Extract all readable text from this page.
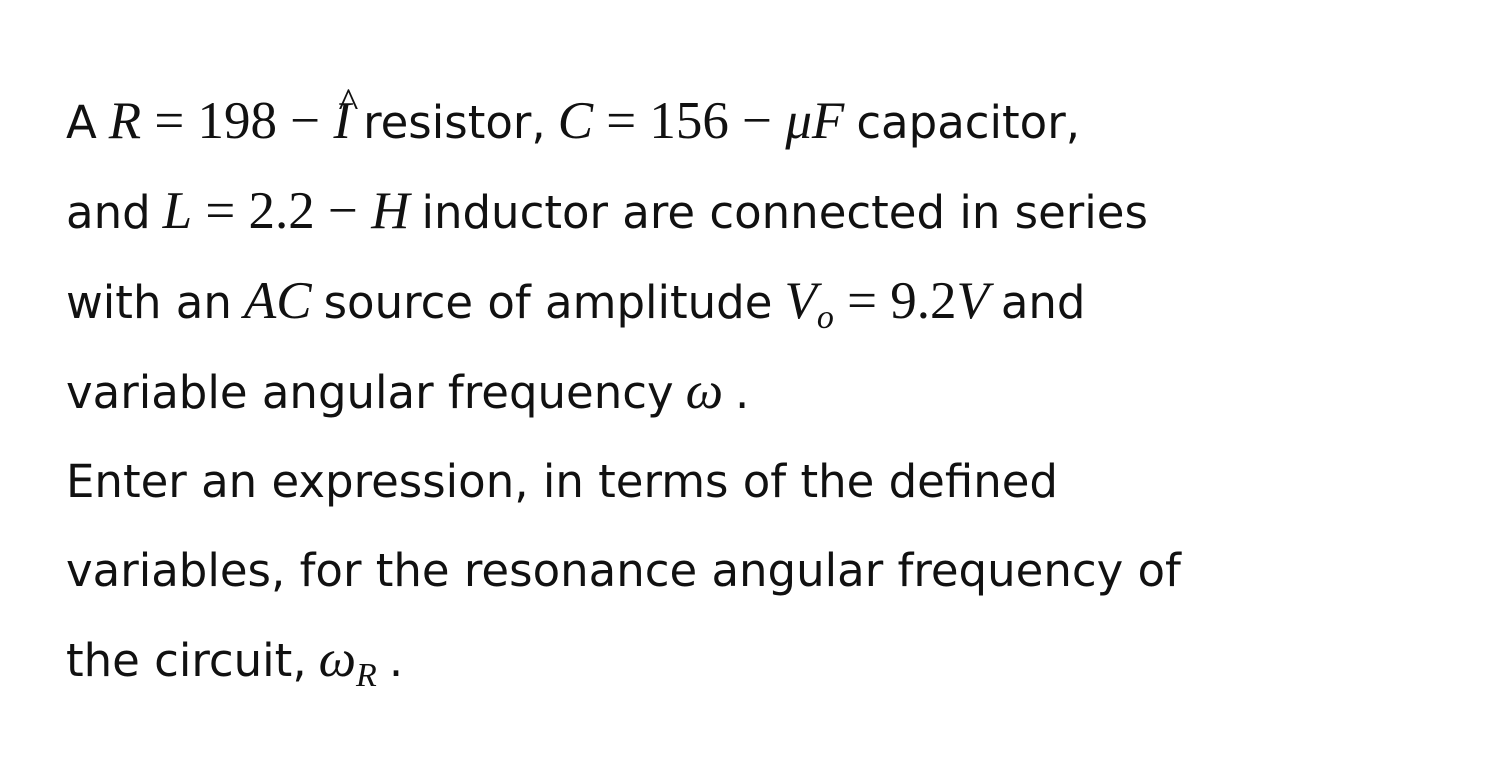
A R = 198 − ^ I resistor, C = 156 − μF capacitor,
and L = 2.2 − H inductor are connected in series
with an AC source of amplitude $V_o = 9.2V$ and
variable angular frequency ω .
Enter an expression, in terms of the defined
variables, for the resonance angular frequency of
the circuit, $\omega_R$ .
